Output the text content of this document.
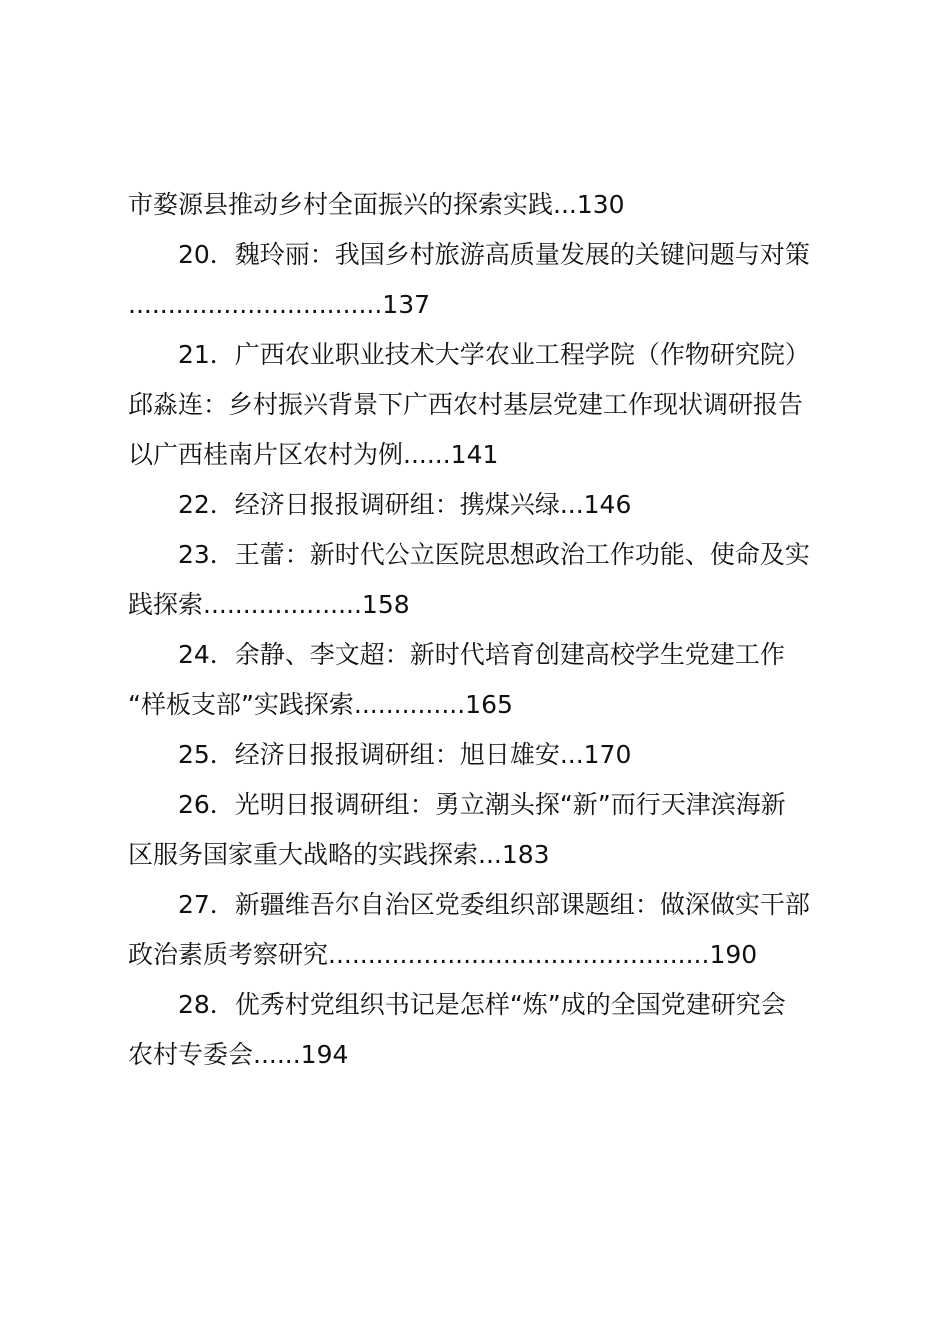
市婺源县推动乡村全面振兴的探索实践...130
20．魏玲丽：我国乡村旅游高质量发展的关键问题与对策
................................137
21．广西农业职业技术大学农业工程学院（作物研究院）
邱淼连：乡村振兴背景下广西农村基层党建工作现状调研报告
以广西桂南片区农村为例......141
22．经济日报报调研组：携煤兴绿...146
23．王蕾：新时代公立医院思想政治工作功能、使命及实
践探索....................158
24．余静、李文超：新时代培育创建高校学生党建工作
“样板支部”实践探索..............165
25．经济日报报调研组：旭日雄安...170
26．光明日报调研组：勇立潮头探“新”而行天津滨海新
区服务国家重大战略的实践探索...183
27．新疆维吾尔自治区党委组织部课题组：做深做实干部
政治素质考察研究................................................190
28．优秀村党组织书记是怎样“炼”成的全国党建研究会
农村专委会......194
